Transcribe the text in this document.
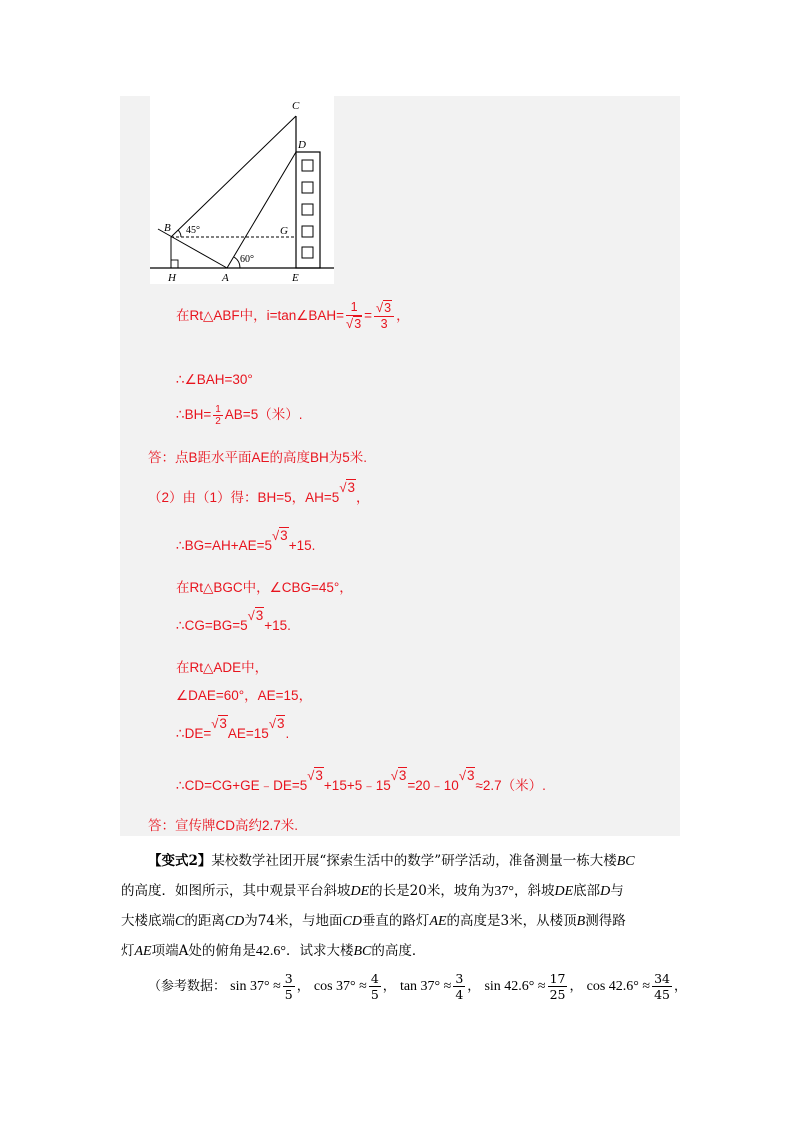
C
D
B	G
H	A	E
45°
60°
在Rt△ABF中，i=tan∠BAH= $\frac{1}{√3} = \frac{√3}{3}$ ，
∴∠BAH=30°
∴BH= $\frac{1}{2} AB=5$（米）.
答：点B距水平面AE的高度BH为5米.
（2）由（1）得：BH=5，AH=5√3，
∴BG=AH+AE=5√3+15.
在Rt△BGC中，∠CBG=45°，
∴CG=BG=5√3+15.
在Rt△ADE中，
∠DAE=60°，AE=15，
∴DE=√3AE=15√3.
∴CD=CG+GE﹣DE=5√3+15+5﹣15√3=20﹣10√3≈2.7（米）.
答：宣传牌CD高约2.7米.
【变式2】某校数学社团开展“探索生活中的数学”研学活动，准备测量一栋大楼BC
的高度．如图所示，其中观景平台斜坡DE的长是20米，坡角为37°，斜坡DE底部D与
大楼底端C的距离CD为74米，与地面CD垂直的路灯AE的高度是3米，从楼顶B测得路
灯AE项端A处的俯角是42.6°．试求大楼BC的高度．
（参考数据： $\sin 37^\circ \approx \frac{3}{5}$ ， $\cos 37^\circ \approx \frac{4}{5}$ ， $\tan 37^\circ \approx \frac{3}{4}$ ， $\sin 42.6^\circ \approx \frac{17}{25}$ ， $\cos 42.6^\circ \approx \frac{34}{45}$ ，
